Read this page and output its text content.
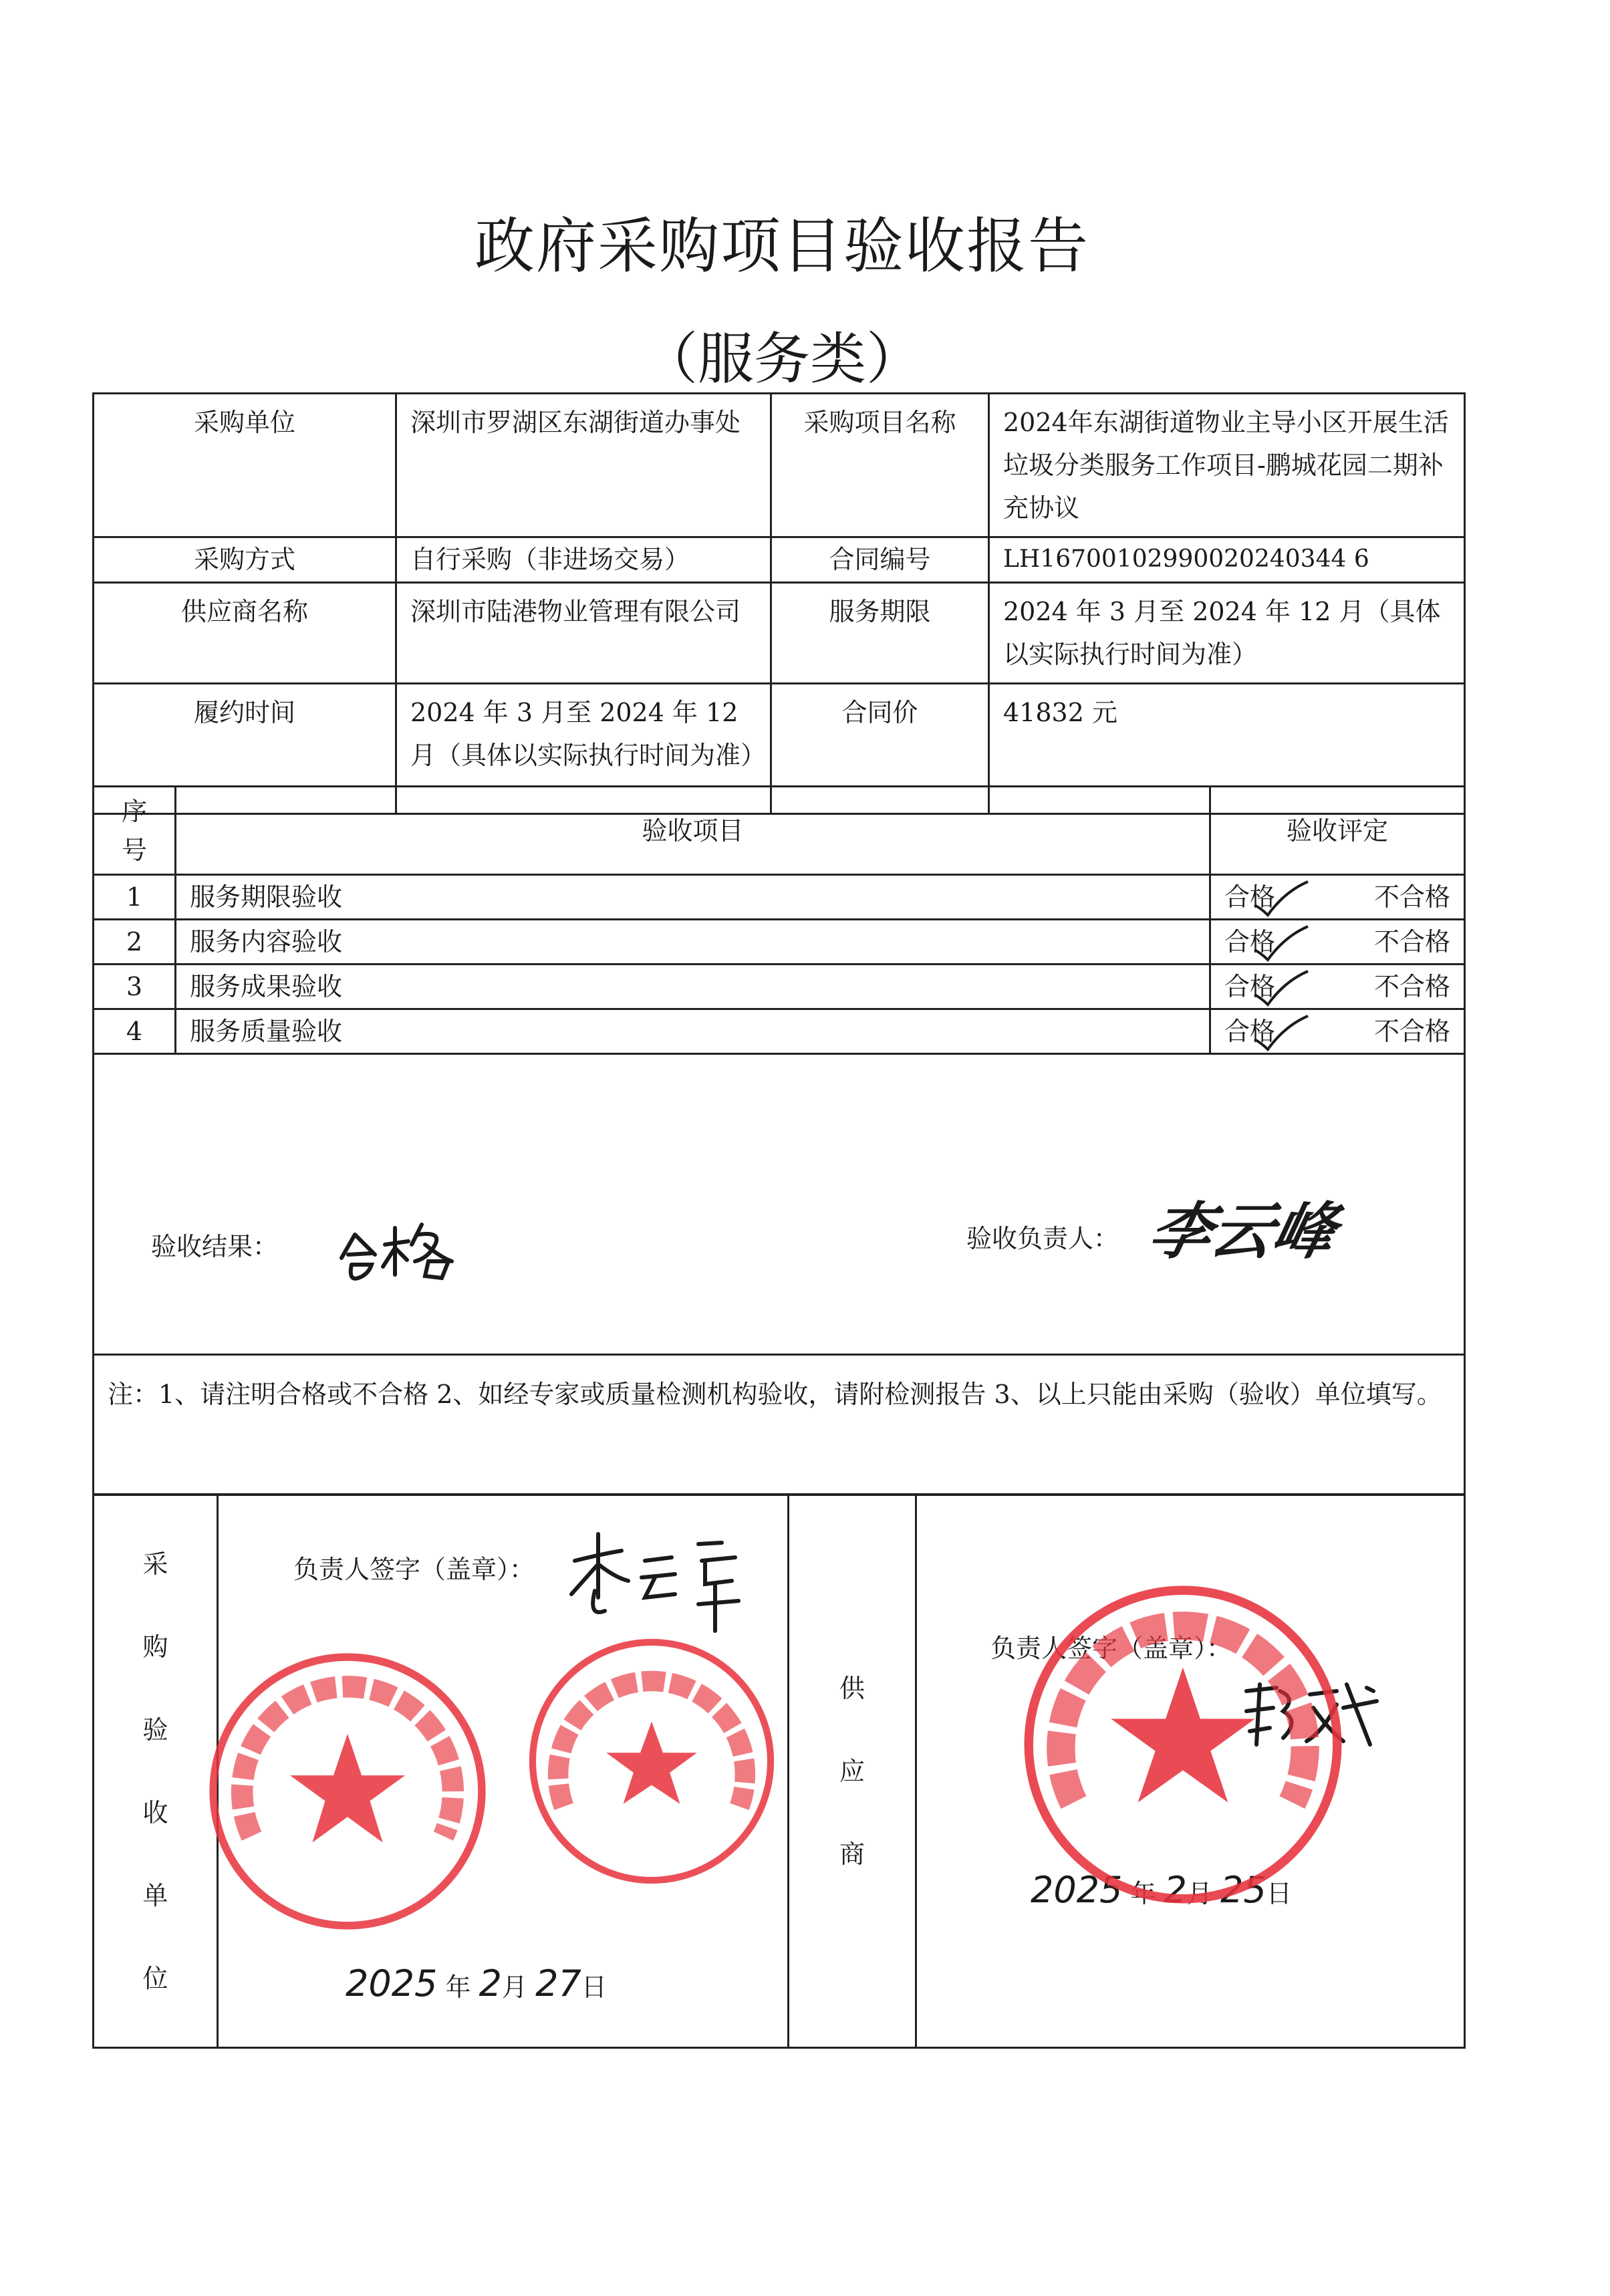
政府采购项目验收报告
（服务类）
采购单位	深圳市罗湖区东湖街道办事处	采购项目名称	2024年东湖街道物业主导小区开展生活垃圾分类服务工作项目-鹏城花园二期补充协议
采购方式	自行采购（非进场交易）	合同编号	LH16700102990020240344 6
供应商名称	深圳市陆港物业管理有限公司	服务期限	2024 年 3 月至 2024 年 12 月（具体以实际执行时间为准）
履约时间	2024 年 3 月至 2024 年 12 月（具体以实际执行时间为准）	合同价	41832 元
序号	验收项目	验收评定
1	服务期限验收	合格 不合格

2	服务内容验收	合格 不合格

3	服务成果验收	合格 不合格

4	服务质量验收	合格 不合格
验收结果：	验收负责人： 李云峰
注：1、请注明合格或不合格 2、如经专家或质量检测机构验收，请附检测报告 3、以上只能由采购（验收）单位填写。
采
购
验
收
单
位

负责人签字（盖章）：
2025 年 2月 27日

供
应
商

负责人签字（盖章）：
2025 年 2月 25日
